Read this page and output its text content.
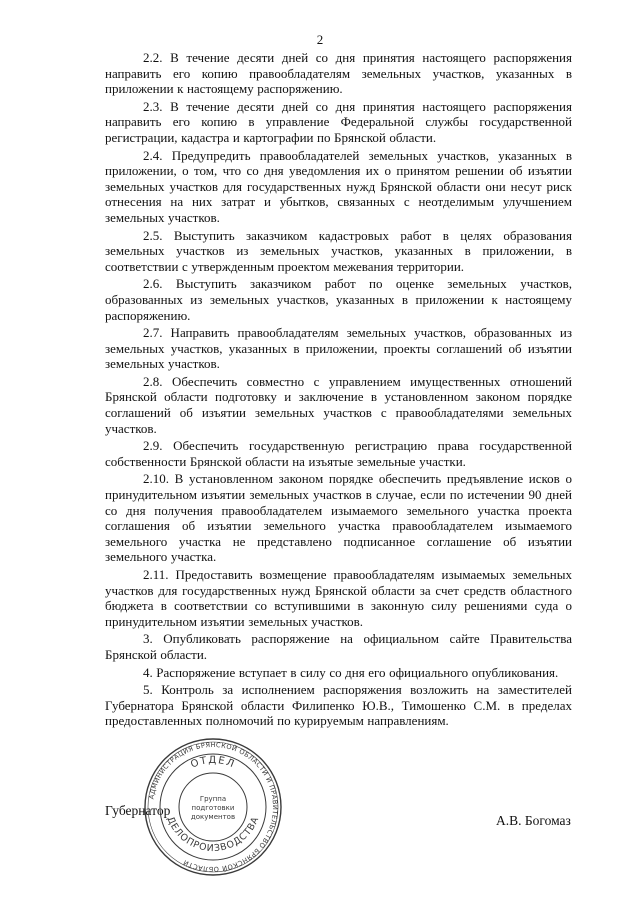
2

2.2. В течение десяти дней со дня принятия настоящего распоряжения направить его копию правообладателям земельных участков, указанных в приложении к настоящему распоряжению.

2.3. В течение десяти дней со дня принятия настоящего распоряжения направить его копию в управление Федеральной службы государственной регистрации, кадастра и картографии по Брянской области.

2.4. Предупредить правообладателей земельных участков, указанных в приложении, о том, что со дня уведомления их о принятом решении об изъятии земельных участков для государственных нужд Брянской области они несут риск отнесения на них затрат и убытков, связанных с неотделимым улучшением земельных участков.

2.5. Выступить заказчиком кадастровых работ в целях образования земельных участков из земельных участков, указанных в приложении, в соответствии с утвержденным проектом межевания территории.

2.6. Выступить заказчиком работ по оценке земельных участков, образованных из земельных участков, указанных в приложении к настоящему распоряжению.

2.7. Направить правообладателям земельных участков, образованных из земельных участков, указанных в приложении, проекты соглашений об изъятии земельных участков.

2.8. Обеспечить совместно с управлением имущественных отношений Брянской области подготовку и заключение в установленном законом порядке соглашений об изъятии земельных участков с правообладателями земельных участков.

2.9. Обеспечить государственную регистрацию права государственной собственности Брянской области на изъятые земельные участки.

2.10. В установленном законом порядке обеспечить предъявление исков о принудительном изъятии земельных участков в случае, если по истечении 90 дней со дня получения правообладателем изымаемого земельного участка проекта соглашения об изъятии земельного участка правообладателем изымаемого земельного участка не представлено подписанное соглашение об изъятии земельного участка.

2.11. Предоставить возмещение правообладателям изымаемых земельных участков для государственных нужд Брянской области за счет средств областного бюджета в соответствии со вступившими в законную силу решениями суда о принудительном изъятии земельных участков.

3. Опубликовать распоряжение на официальном сайте Правительства Брянской области.

4. Распоряжение вступает в силу со дня его официального опубликования.

5. Контроль за исполнением распоряжения возложить на заместителей Губернатора Брянской области Филипенко Ю.В., Тимошенко С.М. в пределах предоставленных полномочий по курируемым направлениям.

Губернатор
АДМИНИСТРАЦИЯ БРЯНСКОЙ ОБЛАСТИ И ПРАВИТЕЛЬСТВО БРЯНСКОЙ ОБЛАСТИ
ОТДЕЛ
ДЕЛОПРОИЗВОДСТВА
Группа
подготовки
документов	А.В. Богомаз
